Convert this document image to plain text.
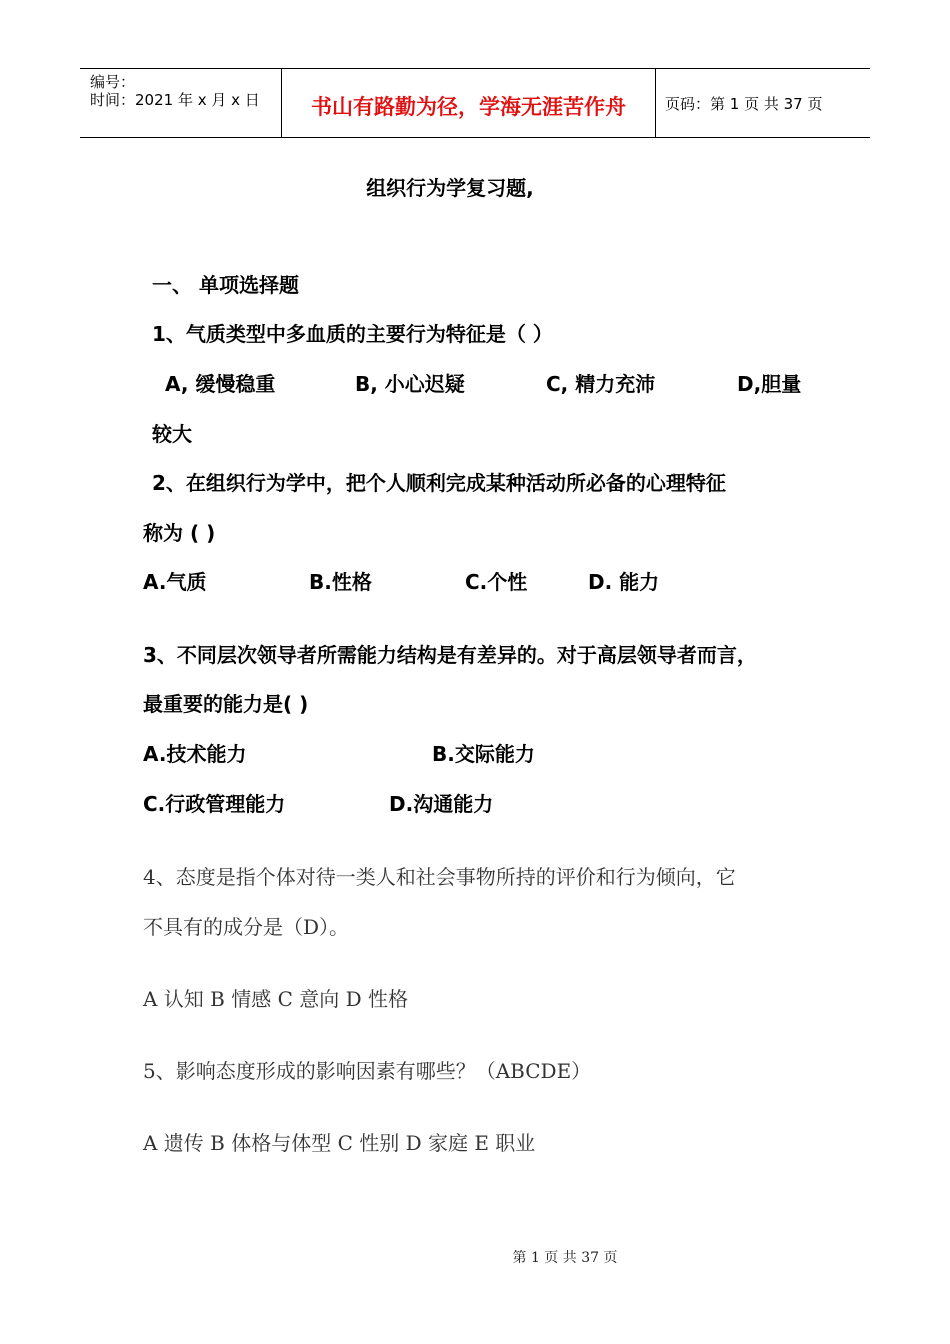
编号：
时间：2021 年 x 月 x 日	书山有路勤为径，学海无涯苦作舟	页码：第 1 页 共 37 页
组织行为学复习题,
一、 单项选择题
1、气质类型中多血质的主要行为特征是（ ）
A, 缓慢稳重	B, 小心迟疑	C, 精力充沛	D,胆量
较大
2、在组织行为学中，把个人顺利完成某种活动所必备的心理特征
称为 ( )
A.气质	B.性格	C.个性	D. 能力
3、不同层次领导者所需能力结构是有差异的。对于高层领导者而言，
最重要的能力是( )
A.技术能力	B.交际能力
C.行政管理能力	D.沟通能力
4、态度是指个体对待一类人和社会事物所持的评价和行为倾向，它
不具有的成分是（D）。
A 认知 B 情感 C 意向 D 性格
5、影响态度形成的影响因素有哪些？（ABCDE）
A 遗传 B 体格与体型 C 性别 D 家庭 E 职业
第 1 页 共 37 页
